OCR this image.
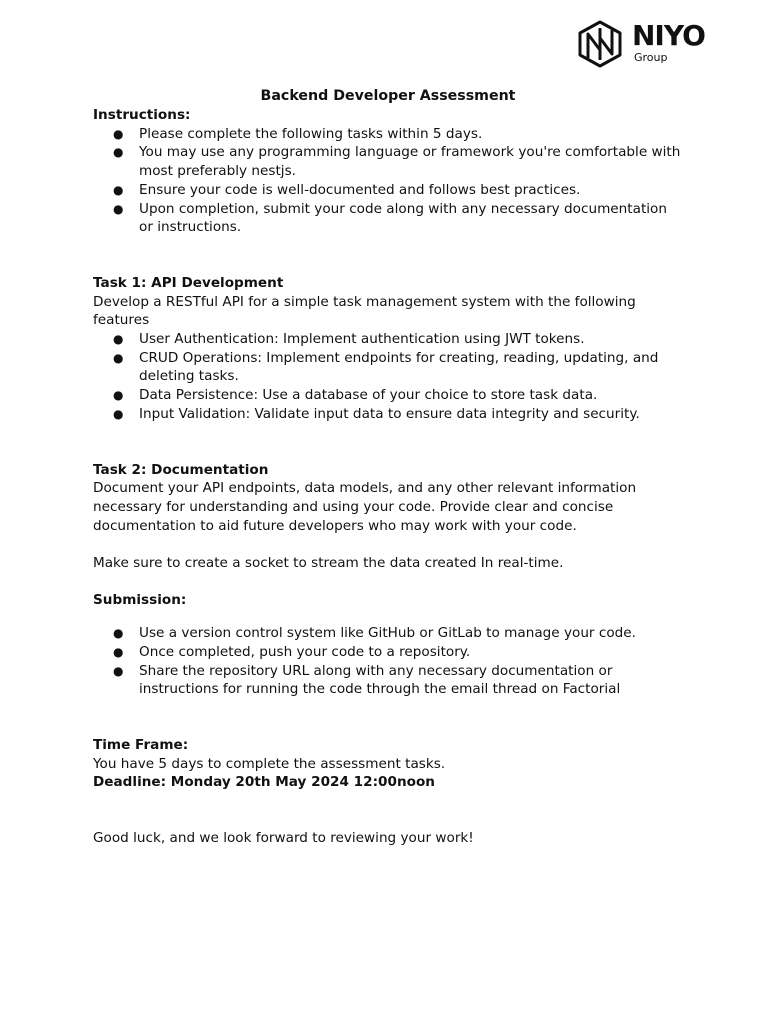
NIYO
Group

Backend Developer Assessment

Instructions:

● Please complete the following tasks within 5 days.
● You may use any programming language or framework you're comfortable with most preferably nestjs.
● Ensure your code is well-documented and follows best practices.
● Upon completion, submit your code along with any necessary documentation or instructions.

Task 1: API Development

Develop a RESTful API for a simple task management system with the following features

● User Authentication: Implement authentication using JWT tokens.
● CRUD Operations: Implement endpoints for creating, reading, updating, and deleting tasks.
● Data Persistence: Use a database of your choice to store task data.
● Input Validation: Validate input data to ensure data integrity and security.

Task 2: Documentation

Document your API endpoints, data models, and any other relevant information necessary for understanding and using your code. Provide clear and concise documentation to aid future developers who may work with your code.

Make sure to create a socket to stream the data created In real-time.

Submission:

● Use a version control system like GitHub or GitLab to manage your code.
● Once completed, push your code to a repository.
● Share the repository URL along with any necessary documentation or instructions for running the code through the email thread on Factorial

Time Frame:

You have 5 days to complete the assessment tasks.

Deadline: Monday 20th May 2024 12:00noon

Good luck, and we look forward to reviewing your work!
